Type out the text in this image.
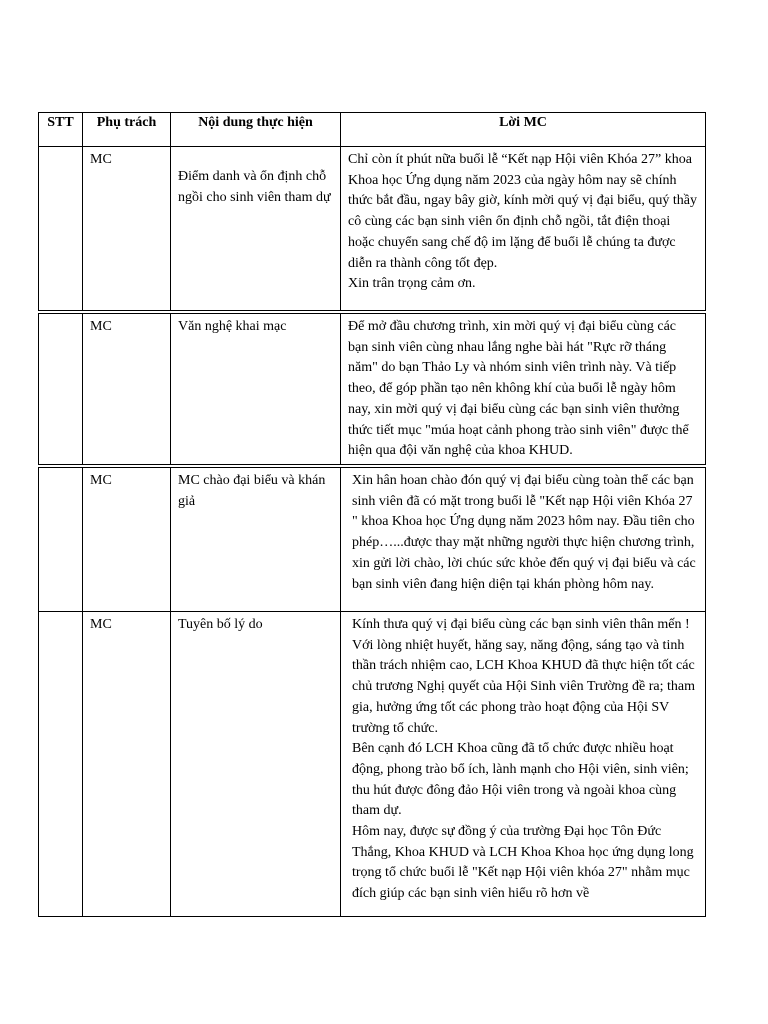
STT	Phụ trách	Nội dung thực hiện	Lời MC
	MC	Điểm danh và ổn định chỗ ngồi cho sinh viên tham dự	Chỉ còn ít phút nữa buổi lễ “Kết nạp Hội viên Khóa 27” khoa Khoa học Ứng dụng năm 2023 của ngày hôm nay sẽ chính thức bắt đầu, ngay bây giờ, kính mời quý vị đại biểu, quý thầy cô cùng các bạn sinh viên ổn định chỗ ngồi, tắt điện thoại hoặc chuyển sang chế độ im lặng để buổi lễ chúng ta được diễn ra thành công tốt đẹp.

Xin trân trọng cảm ơn.

	MC	Văn nghệ khai mạc	Để mở đầu chương trình, xin mời quý vị đại biểu cùng các bạn sinh viên cùng nhau lắng nghe bài hát "Rực rỡ tháng năm" do bạn Thảo Ly và nhóm sinh viên trình này. Và tiếp theo, để góp phần tạo nên không khí của buổi lễ ngày hôm nay, xin mời quý vị đại biểu cùng các bạn sinh viên thưởng thức tiết mục "múa hoạt cảnh phong trào sinh viên" được thể hiện qua đội văn nghệ của khoa KHUD.

	MC	MC chào đại biểu và khán giả	Xin hân hoan chào đón quý vị đại biểu cùng toàn thể các bạn sinh viên đã có mặt trong buổi lễ "Kết nạp Hội viên Khóa 27 " khoa Khoa học Ứng dụng năm 2023 hôm nay. Đầu tiên cho phép…...được thay mặt những người thực hiện chương trình, xin gửi lời chào, lời chúc sức khỏe đến quý vị đại biểu và các bạn sinh viên đang hiện diện tại khán phòng hôm nay.

	MC	Tuyên bố lý do	Kính thưa quý vị đại biểu cùng các bạn sinh viên thân mến !

Với lòng nhiệt huyết, hăng say, năng động, sáng tạo và tinh thần trách nhiệm cao, LCH Khoa KHUD đã thực hiện tốt các chủ trương Nghị quyết của Hội Sinh viên Trường đề ra; tham gia, hưởng ứng tốt các phong trào hoạt động của Hội SV trường tổ chức.

Bên cạnh đó LCH Khoa cũng đã tổ chức được nhiều hoạt động, phong trào bổ ích, lành mạnh cho Hội viên, sinh viên; thu hút được đông đảo Hội viên trong và ngoài khoa cùng tham dự.

Hôm nay, được sự đồng ý của trường Đại học Tôn Đức Thắng, Khoa KHUD và LCH Khoa Khoa học ứng dụng long trọng tổ chức buổi lễ "Kết nạp Hội viên khóa 27" nhằm mục đích giúp các bạn sinh viên hiểu rõ hơn về
